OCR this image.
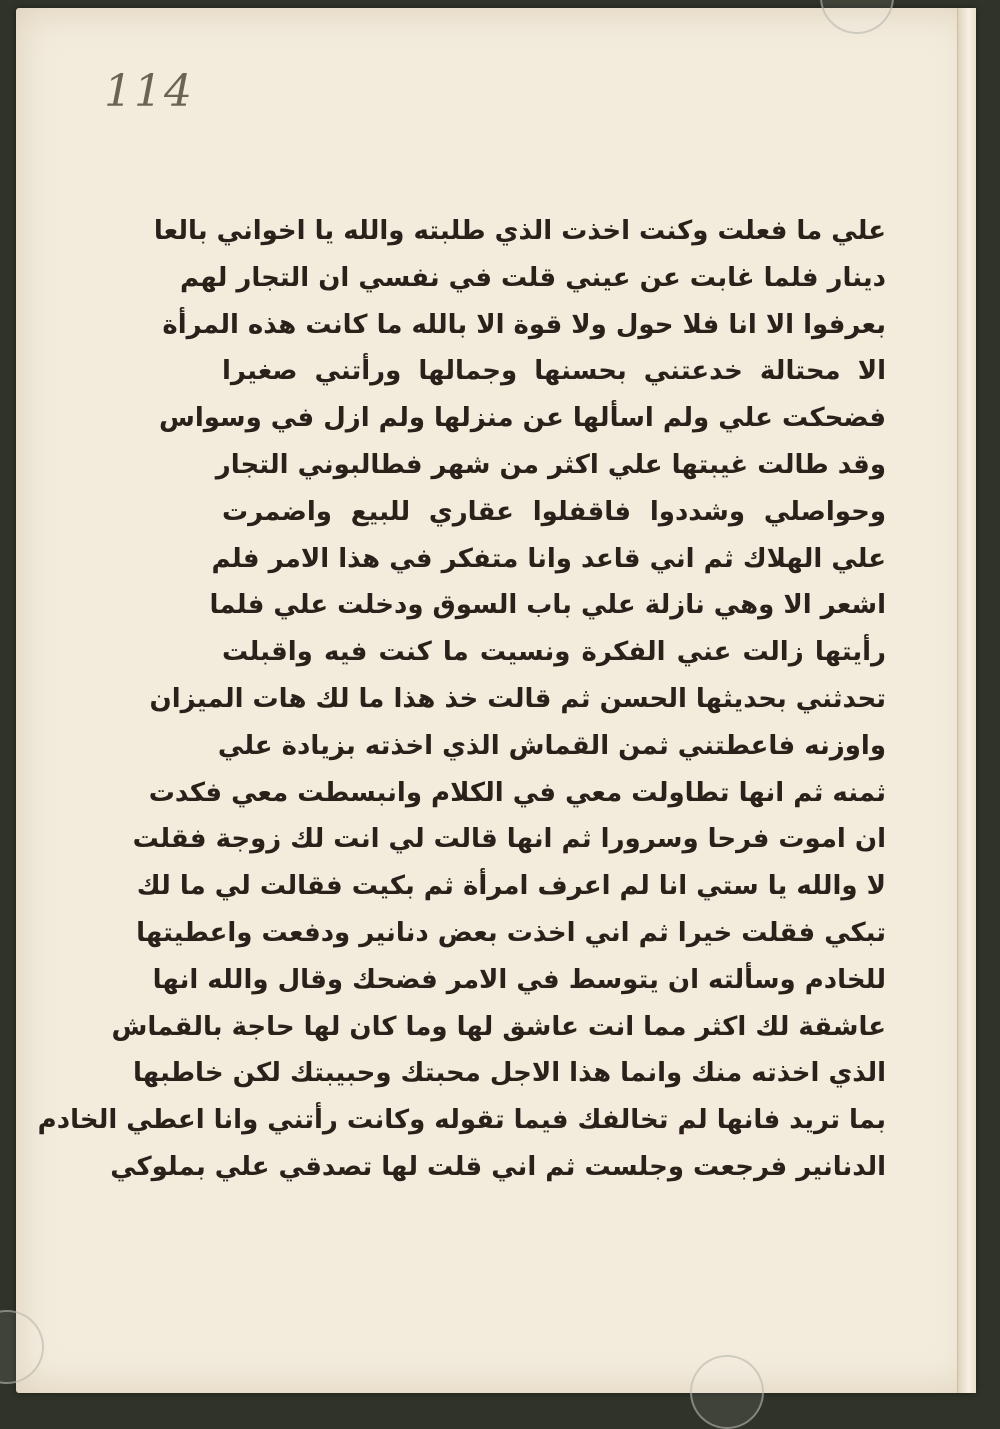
114
علي ما فعلت وكنت اخذت الذي طلبته والله يا اخواني بالعا
دينار فلما غابت عن عيني قلت في نفسي ان التجار لهم
بعرفوا الا انا فلا حول ولا قوة الا بالله ما كانت هذه المرأة
الا محتالة خدعتني بحسنها وجمالها ورأتني صغيرا
فضحكت علي ولم اسألها عن منزلها ولم ازل في وسواس
وقد طالت غيبتها علي اكثر من شهر فطالبوني التجار
وحواصلي وشددوا فاقفلوا عقاري للبيع واضمرت
علي الهلاك ثم اني قاعد وانا متفكر في هذا الامر فلم
اشعر الا وهي نازلة علي باب السوق ودخلت علي فلما
رأيتها زالت عني الفكرة ونسيت ما كنت فيه واقبلت
تحدثني بحديثها الحسن ثم قالت خذ هذا ما لك هات الميزان
واوزنه فاعطتني ثمن القماش الذي اخذته بزيادة علي
ثمنه ثم انها تطاولت معي في الكلام وانبسطت معي فكدت
ان اموت فرحا وسرورا ثم انها قالت لي انت لك زوجة فقلت
لا والله يا ستي انا لم اعرف امرأة ثم بكيت فقالت لي ما لك
تبكي فقلت خيرا ثم اني اخذت بعض دنانير ودفعت واعطيتها
للخادم وسألته ان يتوسط في الامر فضحك وقال والله انها
عاشقة لك اكثر مما انت عاشق لها وما كان لها حاجة بالقماش
الذي اخذته منك وانما هذا الاجل محبتك وحبيبتك لكن خاطبها
بما تريد فانها لم تخالفك فيما تقوله وكانت رأتني وانا اعطي الخادم
الدنانير فرجعت وجلست ثم اني قلت لها تصدقي علي بملوكي
